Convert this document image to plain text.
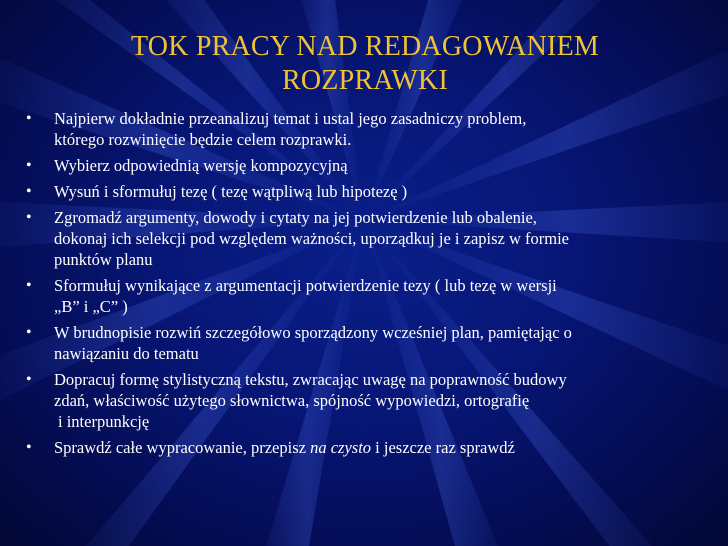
TOK PRACY NAD REDAGOWANIEM
ROZPRAWKI
• Najpierw dokładnie przeanalizuj temat i ustal jego zasadniczy problem,
którego rozwinięcie będzie celem rozprawki.
• Wybierz odpowiednią wersję kompozycyjną
• Wysuń i sformułuj tezę ( tezę wątpliwą lub hipotezę )
• Zgromadź argumenty, dowody i cytaty na jej potwierdzenie lub obalenie,
dokonaj ich selekcji pod względem ważności, uporządkuj je i zapisz w formie
punktów planu
• Sformułuj wynikające z argumentacji potwierdzenie tezy ( lub tezę w wersji
„B” i „C” )
• W brudnopisie rozwiń szczegółowo sporządzony wcześniej plan, pamiętając o
nawiązaniu do tematu
• Dopracuj formę stylistyczną tekstu, zwracając uwagę na poprawność budowy
zdań, właściwość użytego słownictwa, spójność wypowiedzi, ortografię
i interpunkcję
• Sprawdź całe wypracowanie, przepisz na czysto i jeszcze raz sprawdź
